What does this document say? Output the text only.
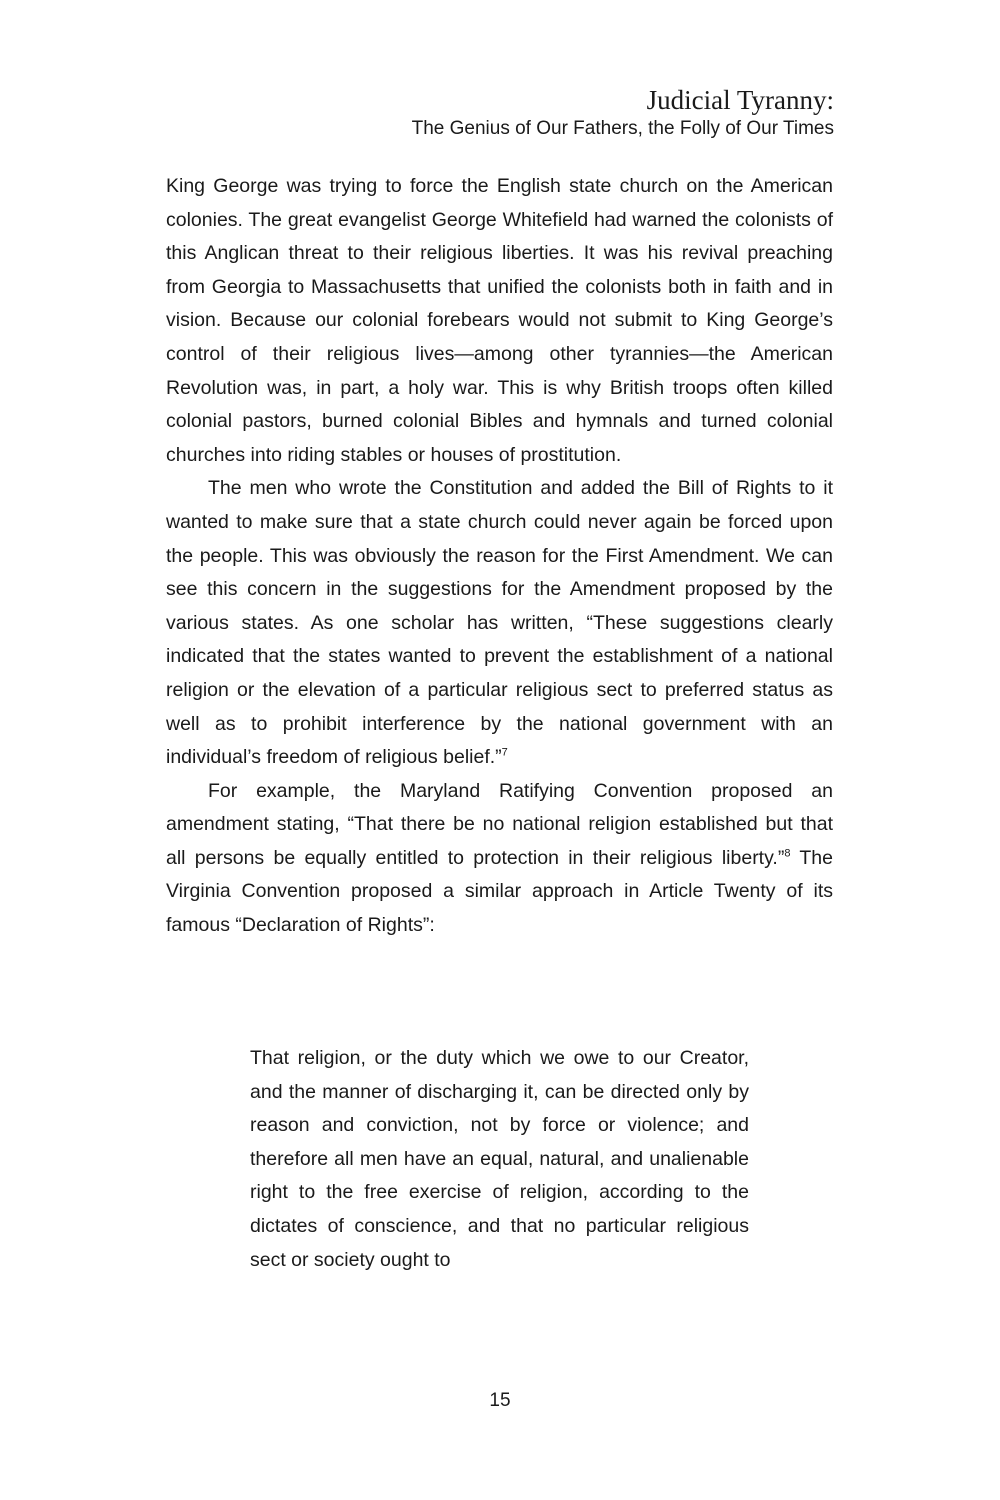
Judicial Tyranny:
The Genius of Our Fathers, the Folly of Our Times

King George was trying to force the English state church on the American colonies. The great evangelist George Whitefield had warned the colonists of this Anglican threat to their religious liberties. It was his revival preaching from Georgia to Massachusetts that unified the colonists both in faith and in vision. Because our colonial forebears would not submit to King George’s control of their religious lives—among other tyrannies—the American Revolution was, in part, a holy war. This is why British troops often killed colonial pastors, burned colonial Bibles and hymnals and turned colonial churches into riding stables or houses of prostitution.

The men who wrote the Constitution and added the Bill of Rights to it wanted to make sure that a state church could never again be forced upon the people. This was obviously the reason for the First Amendment. We can see this concern in the suggestions for the Amendment proposed by the various states. As one scholar has written, “These suggestions clearly indicated that the states wanted to prevent the establishment of a national religion or the elevation of a particular religious sect to preferred status as well as to prohibit interference by the national government with an individual’s freedom of religious belief.”$^7$

For example, the Maryland Ratifying Convention proposed an amendment stating, “That there be no national religion established but that all persons be equally entitled to protection in their religious liberty.”$^8$ The Virginia Convention proposed a similar approach in Article Twenty of its famous “Declaration of Rights”:

That religion, or the duty which we owe to our Creator, and the manner of discharging it, can be directed only by reason and conviction, not by force or violence; and therefore all men have an equal, natural, and unalienable right to the free exercise of religion, according to the dictates of conscience, and that no particular religious sect or society ought to
15
